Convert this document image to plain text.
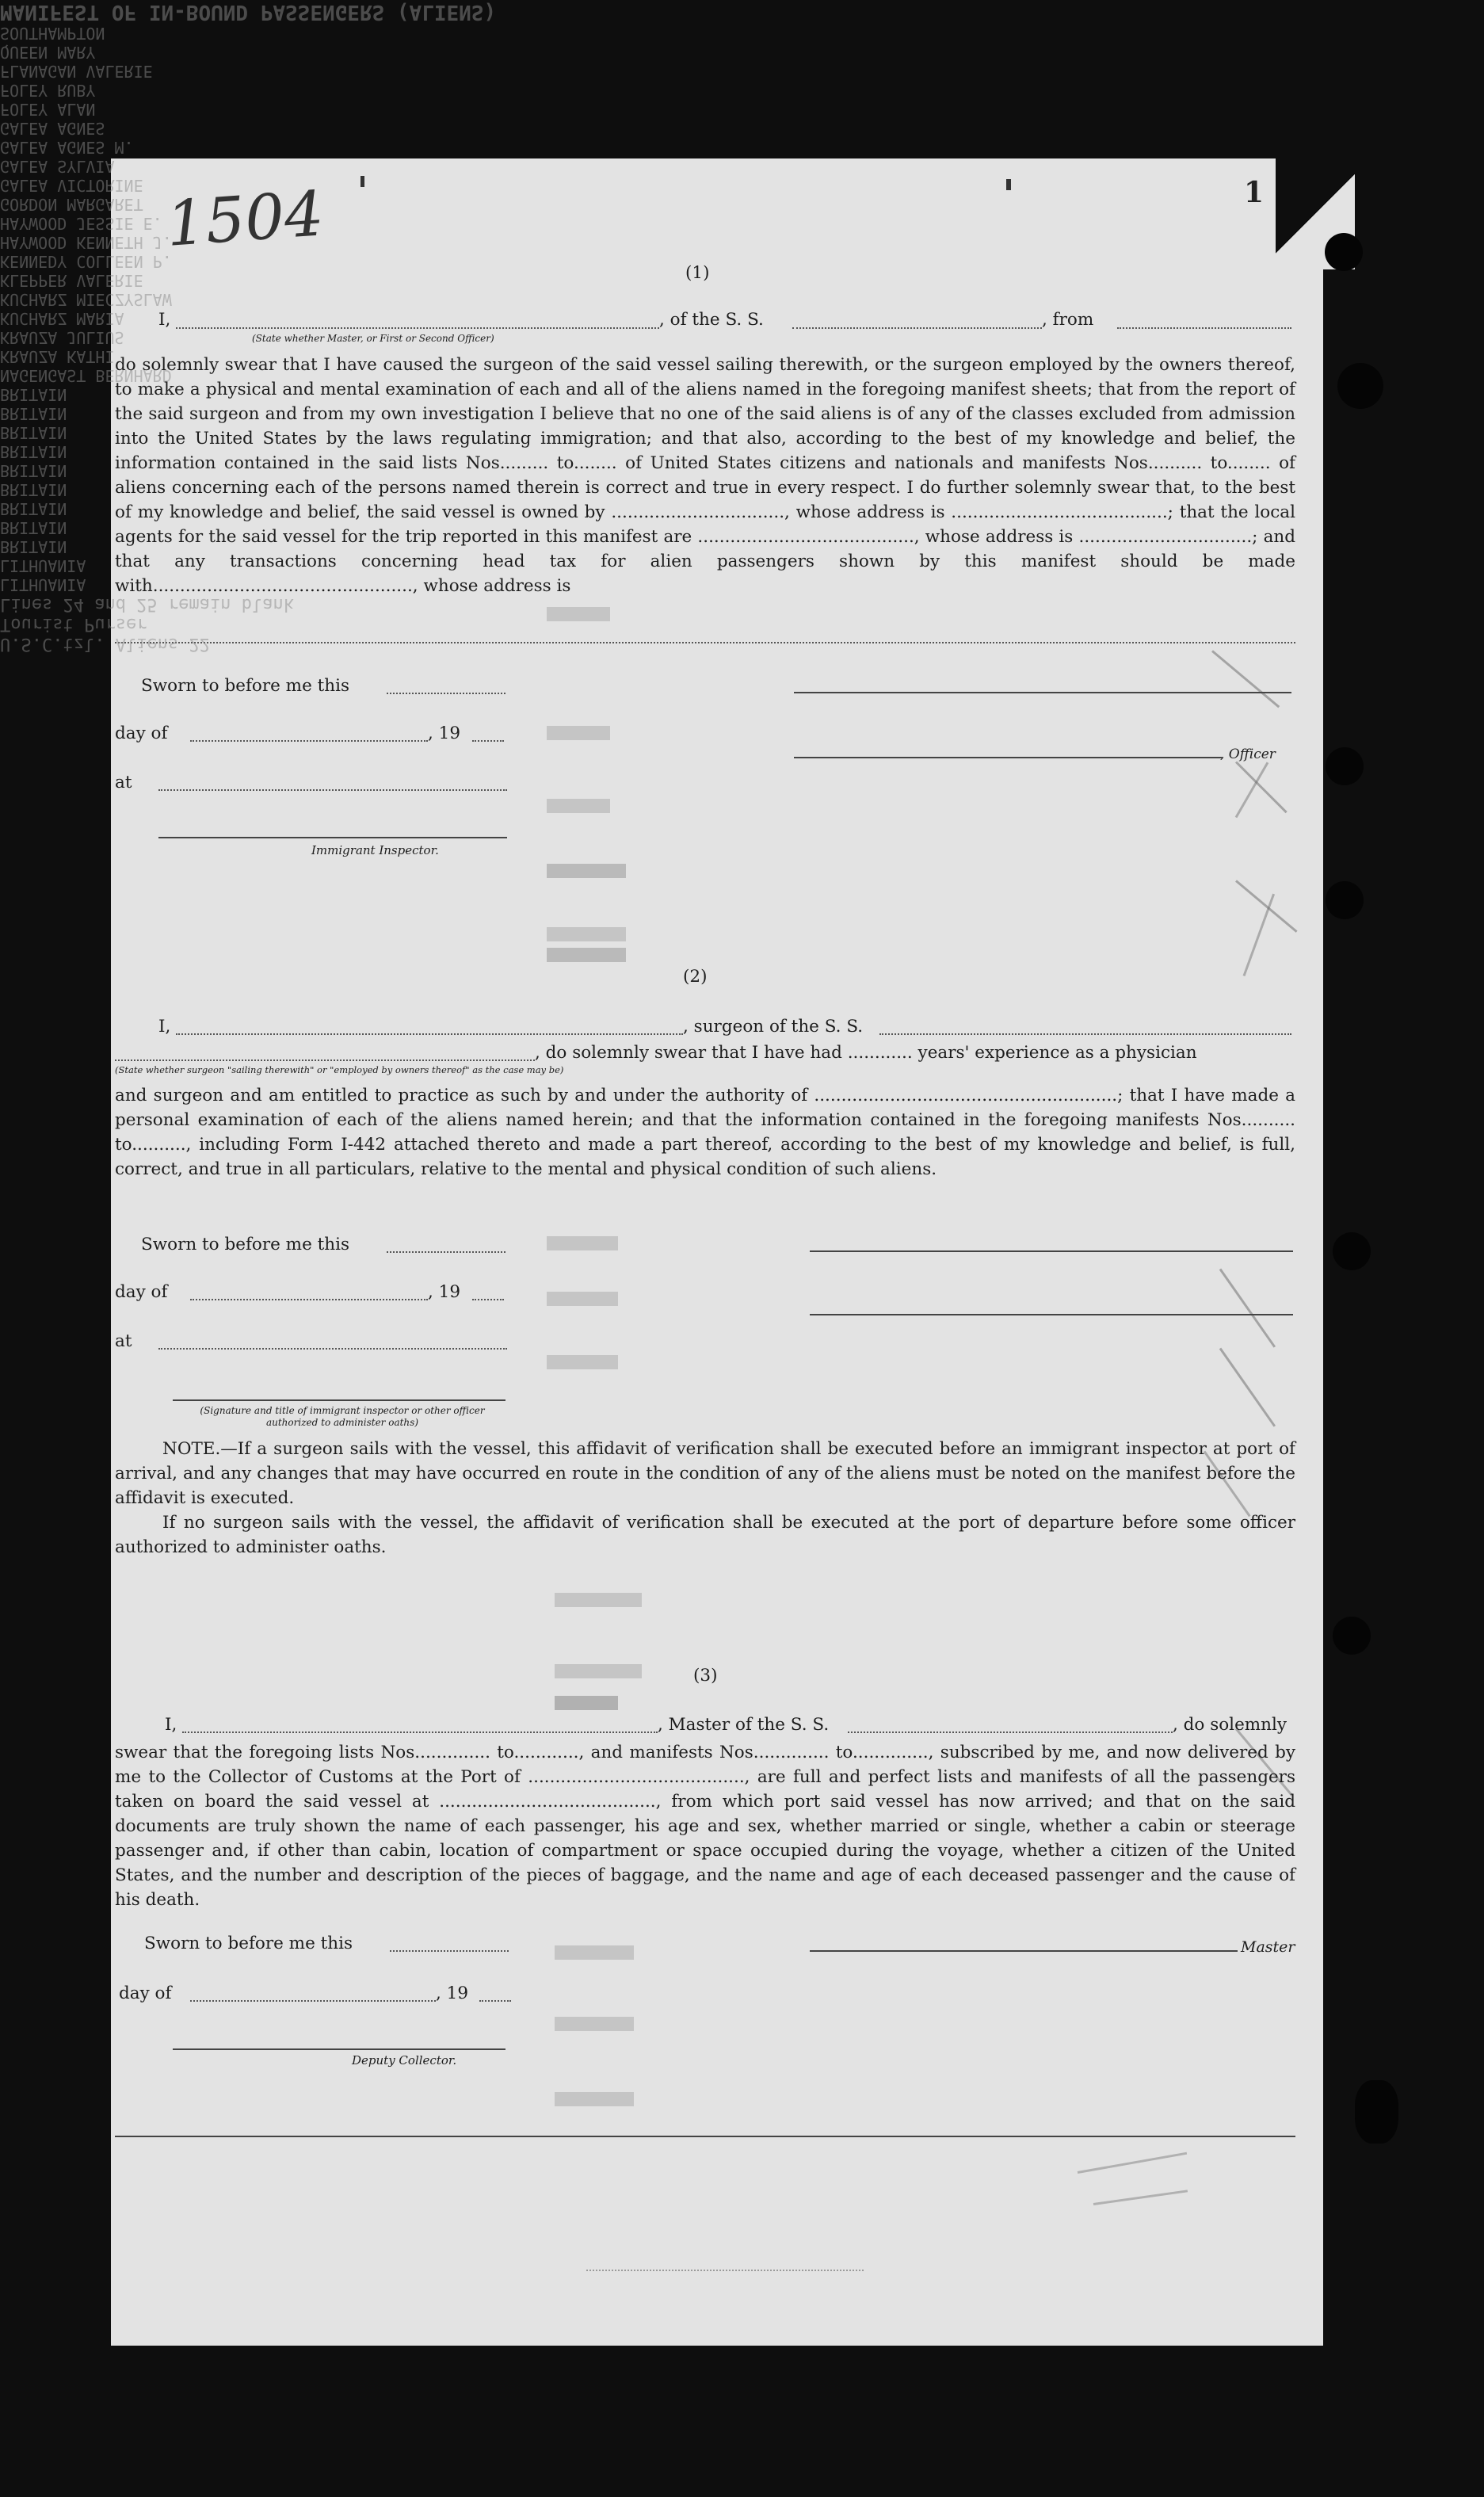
1504	1
MANIFEST OF IN-BOUND PASSENGERS (ALIENS)
SOUTHAMPTON
QUEEN MARY
FLANAGAN VALERIE
FOLEY RUBY
FOLEY ALAN
GALEA AGNES
GALEA AGNES M.
GALEA SYLVIA
GALEA VICTORINE
GORDON MARGARET
HAYWOOD JESSIE E.
HAYWOOD KENNETH J.
KENNEDY COLLEEN P.
KLEPPER VALERIE
KUCHARZ MIECZYSLAW
KUCHARZ MARIA
KRAUZA JULIUS
KRAUZA KATHI
NAGENGAST BERNHARD
BRITAIN
BRITAIN
BRITAIN
BRITAIN
BRITAIN
BRITAIN
BRITAIN
BRITAIN
BRITAIN
LITHUANIA
LITHUANIA
(1)
I,	, of the S. S.	, from
(State whether Master, or First or Second Officer)
do solemnly swear that I have caused the surgeon of the said vessel sailing therewith, or the surgeon employed by the owners thereof, to make a physical and mental examination of each and all of the aliens named in the foregoing manifest sheets; that from the report of the said surgeon and from my own investigation I believe that no one of the said aliens is of any of the classes excluded from admission into the United States by the laws regulating immigration; and that also, according to the best of my knowledge and belief, the information contained in the said lists Nos......... to........ of United States citizens and nationals and manifests Nos.......... to........ of aliens concerning each of the persons named therein is correct and true in every respect. I do further solemnly swear that, to the best of my knowledge and belief, the said vessel is owned by ................................, whose address is ........................................; that the local agents for the said vessel for the trip reported in this manifest are ........................................, whose address is ................................; and that any transactions concerning head tax for alien passengers shown by this manifest should be made with................................................, whose address is
Sworn to before me this
day of	, 19
, Officer
at
Immigrant Inspector.
(2)
I,	, surgeon of the S. S.
, do solemnly swear that I have had ............ years' experience as a physician
(State whether surgeon "sailing therewith" or "employed by owners thereof" as the case may be)
and surgeon and am entitled to practice as such by and under the authority of ........................................................; that I have made a personal examination of each of the aliens named herein; and that the information contained in the foregoing manifests Nos.......... to.........., including Form I-442 attached thereto and made a part thereof, according to the best of my knowledge and belief, is full, correct, and true in all particulars, relative to the mental and physical condition of such aliens.
Sworn to before me this
day of	, 19
at
(Signature and title of immigrant inspector or other officer authorized to administer oaths)
NOTE.—If a surgeon sails with the vessel, this affidavit of verification shall be executed before an immigrant inspector at port of arrival, and any changes that may have occurred en route in the condition of any of the aliens must be noted on the manifest before the affidavit is executed.
If no surgeon sails with the vessel, the affidavit of verification shall be executed at the port of departure before some officer authorized to administer oaths.
(3)
I,	, Master of the S. S.	, do solemnly
swear that the foregoing lists Nos.............. to............, and manifests Nos.............. to.............., subscribed by me, and now delivered by me to the Collector of Customs at the Port of ........................................, are full and perfect lists and manifests of all the passengers taken on board the said vessel at ........................................, from which port said vessel has now arrived; and that on the said documents are truly shown the name of each passenger, his age and sex, whether married or single, whether a cabin or steerage passenger and, if other than cabin, location of compartment or space occupied during the voyage, whether a citizen of the United States, and the number and description of the pieces of baggage, and the name and age of each deceased passenger and the cause of his death.
Sworn to before me this	Master
day of	, 19
Deputy Collector.
Lines 24 and 25 remain blank
Tourist Purser
U.S.C.tzl. Aliens 22
